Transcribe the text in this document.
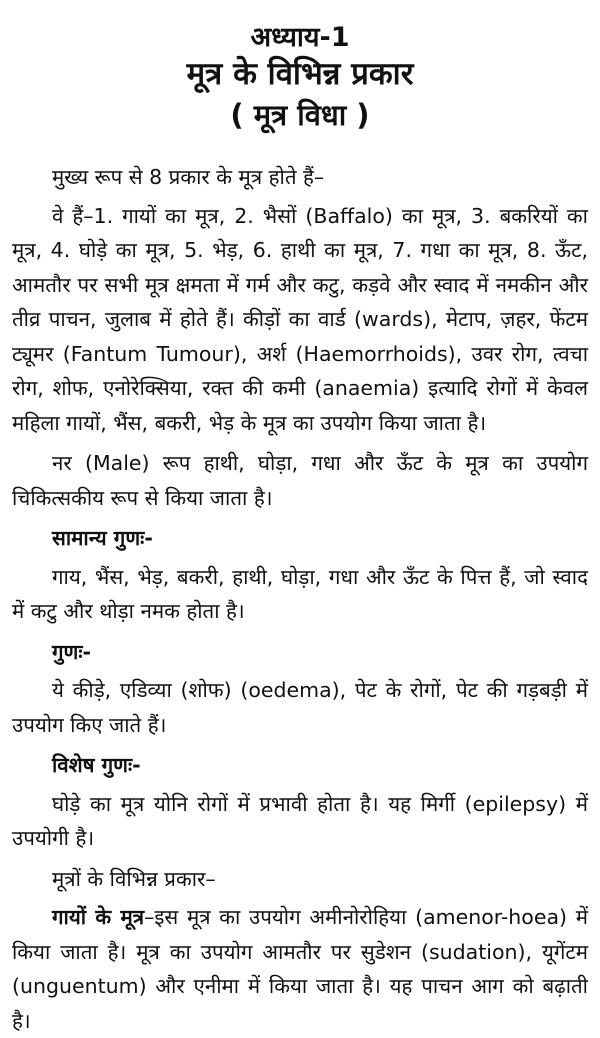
अध्याय-1
मूत्र के विभिन्न प्रकार
( मूत्र विधा )

मुख्य रूप से 8 प्रकार के मूत्र होते हैं–

वे हैं–1. गायों का मूत्र, 2. भैसों (Baffalo) का मूत्र, 3. बकरियों का मूत्र, 4. घोड़े का मूत्र, 5. भेड़, 6. हाथी का मूत्र, 7. गधा का मूत्र, 8. ऊँट, आमतौर पर सभी मूत्र क्षमता में गर्म और कटु, कड़वे और स्वाद में नमकीन और तीव्र पाचन, जुलाब में होते हैं। कीड़ों का वार्ड (wards), मेटाप, ज़हर, फेंटम ट्यूमर (Fantum Tumour), अर्श (Haemorrhoids), उवर रोग, त्वचा रोग, शोफ, एनोरेक्सिया, रक्त की कमी (anaemia) इत्यादि रोगों में केवल महिला गायों, भैंस, बकरी, भेड़ के मूत्र का उपयोग किया जाता है।

नर (Male) रूप हाथी, घोड़ा, गधा और ऊँट के मूत्र का उपयोग चिकित्सकीय रूप से किया जाता है।

सामान्य गुणः-

गाय, भैंस, भेड़, बकरी, हाथी, घोड़ा, गधा और ऊँट के पित्त हैं, जो स्वाद में कटु और थोड़ा नमक होता है।

गुणः-

ये कीड़े, एडिव्या (शोफ) (oedema), पेट के रोगों, पेट की गड़बड़ी में उपयोग किए जाते हैं।

विशेष गुणः-

घोड़े का मूत्र योनि रोगों में प्रभावी होता है। यह मिर्गी (epilepsy) में उपयोगी है।

मूत्रों के विभिन्न प्रकार–

गायों के मूत्र–इस मूत्र का उपयोग अमीनोरोहिया (amenor-hoea) में किया जाता है। मूत्र का उपयोग आमतौर पर सुडेशन (sudation), यूगेंटम (unguentum) और एनीमा में किया जाता है। यह पाचन आग को बढ़ाती है।
